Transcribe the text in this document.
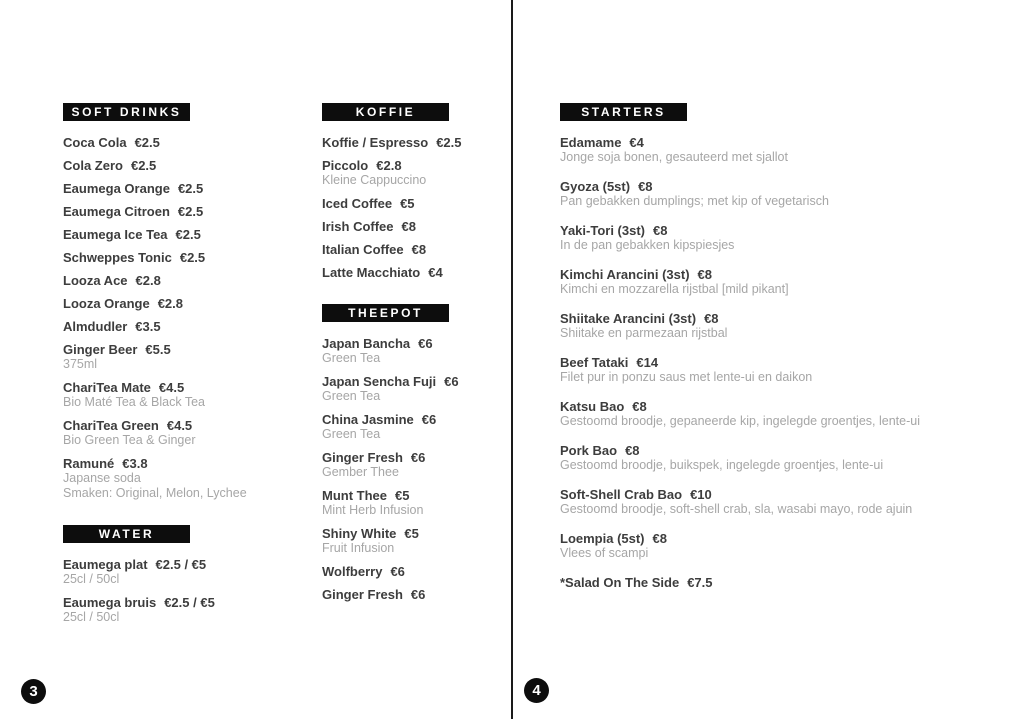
SOFT DRINKS
Coca Cola €2.5
Cola Zero €2.5
Eaumega Orange €2.5
Eaumega Citroen €2.5
Eaumega Ice Tea €2.5
Schweppes Tonic €2.5
Looza Ace €2.8
Looza Orange €2.8
Almdudler €3.5
Ginger Beer €5.5
375ml
ChariTea Mate €4.5
Bio Maté Tea & Black Tea
ChariTea Green €4.5
Bio Green Tea & Ginger
Ramuné €3.8
Japanse soda
Smaken: Original, Melon, Lychee
WATER
Eaumega plat €2.5 / €5
25cl / 50cl
Eaumega bruis €2.5 / €5
25cl / 50cl
KOFFIE
Koffie / Espresso €2.5
Piccolo €2.8
Kleine Cappuccino
Iced Coffee €5
Irish Coffee €8
Italian Coffee €8
Latte Macchiato €4
THEEPOT
Japan Bancha €6
Green Tea
Japan Sencha Fuji €6
Green Tea
China Jasmine €6
Green Tea
Ginger Fresh €6
Gember Thee
Munt Thee €5
Mint Herb Infusion
Shiny White €5
Fruit Infusion
Wolfberry €6
Ginger Fresh €6
3
STARTERS
Edamame €4
Jonge soja bonen, gesauteerd met sjallot
Gyoza (5st) €8
Pan gebakken dumplings; met kip of vegetarisch
Yaki-Tori (3st) €8
In de pan gebakken kipspiesjes
Kimchi Arancini (3st) €8
Kimchi en mozzarella rijstbal [mild pikant]
Shiitake Arancini (3st) €8
Shiitake en parmezaan rijstbal
Beef Tataki €14
Filet pur in ponzu saus met lente-ui en daikon
Katsu Bao €8
Gestoomd broodje, gepaneerde kip, ingelegde groentjes, lente-ui
Pork Bao €8
Gestoomd broodje, buikspek, ingelegde groentjes, lente-ui
Soft-Shell Crab Bao €10
Gestoomd broodje, soft-shell crab, sla, wasabi mayo, rode ajuin
Loempia (5st) €8
Vlees of scampi
*Salad On The Side €7.5
4
